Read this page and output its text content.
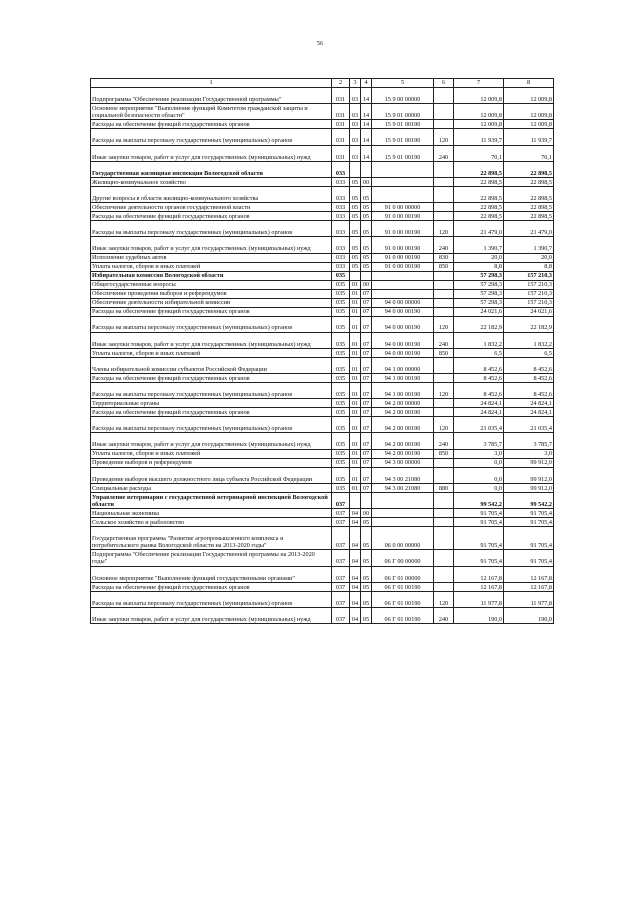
56
1	2	3	4	5	6	7	8
Подпрограмма "Обеспечение реализации Государственной программы"	031	03	14	15 9 00 00000		12 009,8	12 009,8
Основное мероприятие "Выполнение функций Комитетом гражданской защиты и социальной безопасности области"	031	03	14	15 9 01 00000		12 009,8	12 009,8
Расходы на обеспечение функций государственных органов	031	03	14	15 9 01 00190		12 009,8	12 009,8
Расходы на выплаты персоналу государственных (муниципальных) органов	031	03	14	15 9 01 00190	120	11 939,7	11 939,7
Иные закупки товаров, работ и услуг для государственных (муниципальных) нужд	031	03	14	15 9 01 00190	240	70,1	70,1
Государственная жилищная инспекция Вологодской области	033					22 898,5	22 898,5
Жилищно-коммунальное хозяйство	033	05	00			22 898,5	22 898,5
Другие вопросы в области жилищно-коммунального хозяйства	033	05	05			22 898,5	22 898,5
Обеспечение деятельности органов государственной власти	033	05	05	91 0 00 00000		22 898,5	22 898,5
Расходы на обеспечение функций государственных органов	033	05	05	91 0 00 00190		22 898,5	22 898,5
Расходы на выплаты персоналу государственных (муниципальных) органов	033	05	05	91 0 00 00190	120	21 479,0	21 479,0
Иные закупки товаров, работ и услуг для государственных (муниципальных) нужд	033	05	05	91 0 00 00190	240	1 390,7	1 390,7
Исполнение судебных актов	033	05	05	91 0 00 00190	830	20,0	20,0
Уплата налогов, сборов и иных платежей	033	05	05	91 0 00 00190	850	8,8	8,8
Избирательная комиссия Вологодской области	035					57 298,3	157 210,3
Общегосударственные вопросы	035	01	00			57 298,3	157 210,3
Обеспечение проведения выборов и референдумов	035	01	07			57 298,3	157 210,3
Обеспечение деятельности избирательной комиссии	035	01	07	94 0 00 00000		57 298,3	157 210,3
Расходы на обеспечение функций государственных органов	035	01	07	94 0 00 00190		24 021,6	24 021,6
Расходы на выплаты персоналу государственных (муниципальных) органов	035	01	07	94 0 00 00190	120	22 182,9	22 182,9
Иные закупки товаров, работ и услуг для государственных (муниципальных) нужд	035	01	07	94 0 00 00190	240	1 832,2	1 832,2
Уплата налогов, сборов и иных платежей	035	01	07	94 0 00 00190	850	6,5	6,5
Члены избирательной комиссии субъектов Российской Федерации	035	01	07	94 1 00 00000		8 452,6	8 452,6
Расходы на обеспечение функций государственных органов	035	01	07	94 1 00 00190		8 452,6	8 452,6
Расходы на выплаты персоналу государственных (муниципальных) органов	035	01	07	94 1 00 00190	120	8 452,6	8 452,6
Территориальные органы	035	01	07	94 2 00 00000		24 824,1	24 824,1
Расходы на обеспечение функций государственных органов	035	01	07	94 2 00 00190		24 824,1	24 824,1
Расходы на выплаты персоналу государственных (муниципальных) органов	035	01	07	94 2 00 00190	120	21 035,4	21 035,4
Иные закупки товаров, работ и услуг для государственных (муниципальных) нужд	035	01	07	94 2 00 00190	240	3 785,7	3 785,7
Уплата налогов, сборов и иных платежей	035	01	07	94 2 00 00190	850	3,0	3,0
Проведение выборов и референдумов	035	01	07	94 3 00 00000		0,0	99 912,0
Проведение выборов высшего должностного лица субъекта Российской Федерации	035	01	07	94 3 00 21080		0,0	99 912,0
Специальные расходы	035	01	07	94 3 00 21080	880	0,0	99 912,0
Управление ветеринарии с государственной ветеринарной инспекцией Вологодской области	037					99 542,2	99 542,2
Национальная экономика	037	04	00			91 705,4	91 705,4
Сельское хозяйство и рыболовство	037	04	05			91 705,4	91 705,4
Государственная программа "Развитие агропромышленного комплекса и потребительского рынка Вологодской области на 2013-2020 годы"	037	04	05	06 0 00 00000		91 705,4	91 705,4
Подпрограмма "Обеспечение реализации Государственной программы на 2013-2020 годы"	037	04	05	06 Г 00 00000		91 705,4	91 705,4
Основное мероприятие "Выполнение функций государственными органами"	037	04	05	06 Г 01 00000		12 167,8	12 167,8
Расходы на обеспечение функций государственных органов	037	04	05	06 Г 01 00190		12 167,8	12 167,8
Расходы на выплаты персоналу государственных (муниципальных) органов	037	04	05	06 Г 01 00190	120	11 977,8	11 977,8
Иные закупки товаров, работ и услуг для государственных (муниципальных) нужд	037	04	05	06 Г 01 00190	240	190,0	190,0
